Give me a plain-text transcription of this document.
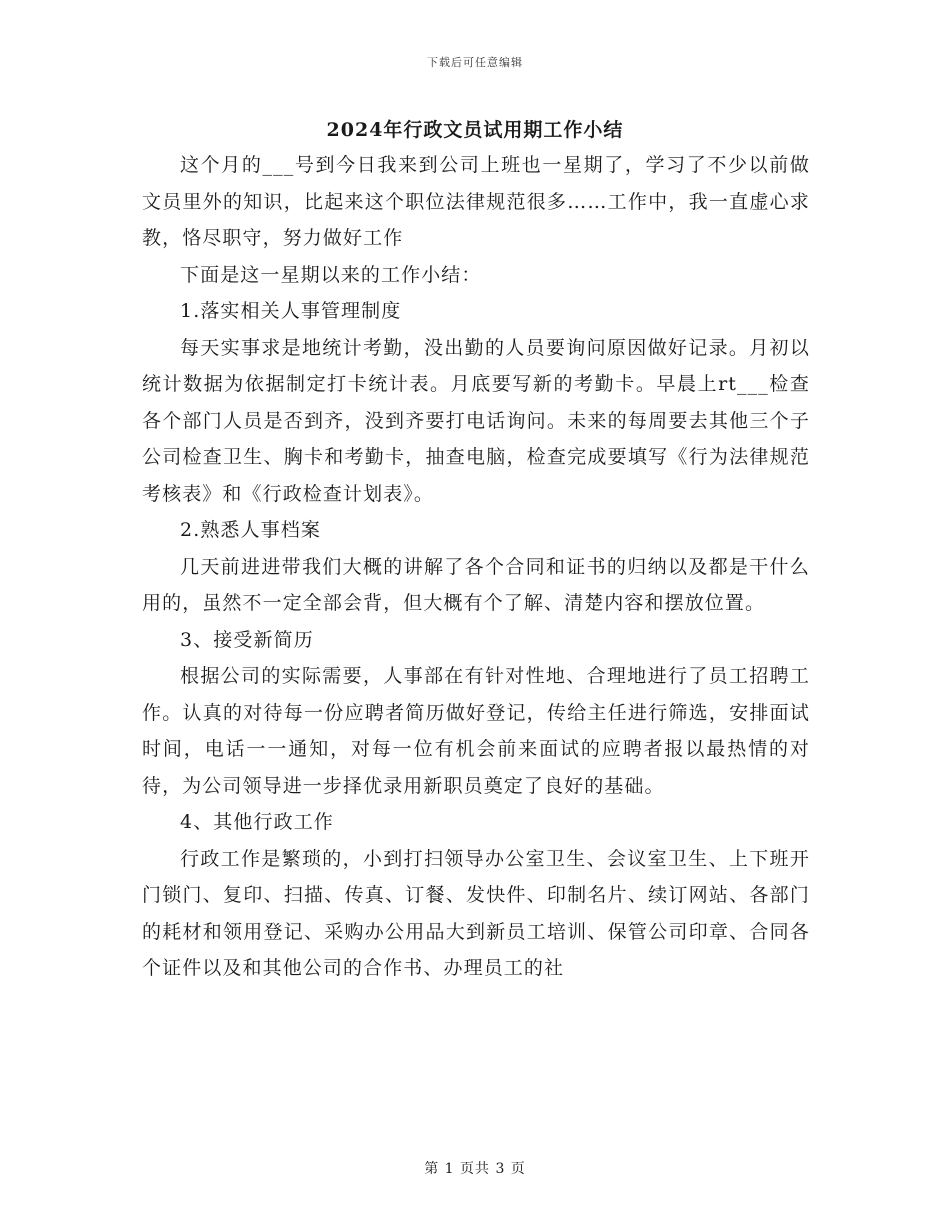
下载后可任意编辑
2024年行政文员试用期工作小结

这个月的___号到今日我来到公司上班也一星期了，学习了不少以前做文员里外的知识，比起来这个职位法律规范很多……工作中，我一直虚心求教，恪尽职守，努力做好工作

下面是这一星期以来的工作小结：

1.落实相关人事管理制度

每天实事求是地统计考勤，没出勤的人员要询问原因做好记录。月初以统计数据为依据制定打卡统计表。月底要写新的考勤卡。早晨上rt___检查各个部门人员是否到齐，没到齐要打电话询问。未来的每周要去其他三个子公司检查卫生、胸卡和考勤卡，抽查电脑，检查完成要填写《行为法律规范考核表》和《行政检查计划表》。

2.熟悉人事档案

几天前进进带我们大概的讲解了各个合同和证书的归纳以及都是干什么用的，虽然不一定全部会背，但大概有个了解、清楚内容和摆放位置。

3、接受新简历

根据公司的实际需要，人事部在有针对性地、合理地进行了员工招聘工作。认真的对待每一份应聘者简历做好登记，传给主任进行筛选，安排面试时间，电话一一通知，对每一位有机会前来面试的应聘者报以最热情的对待，为公司领导进一步择优录用新职员奠定了良好的基础。

4、其他行政工作

行政工作是繁琐的，小到打扫领导办公室卫生、会议室卫生、上下班开门锁门、复印、扫描、传真、订餐、发快件、印制名片、续订网站、各部门的耗材和领用登记、采购办公用品大到新员工培训、保管公司印章、合同各个证件以及和其他公司的合作书、办理员工的社

第 1 页共 3 页
